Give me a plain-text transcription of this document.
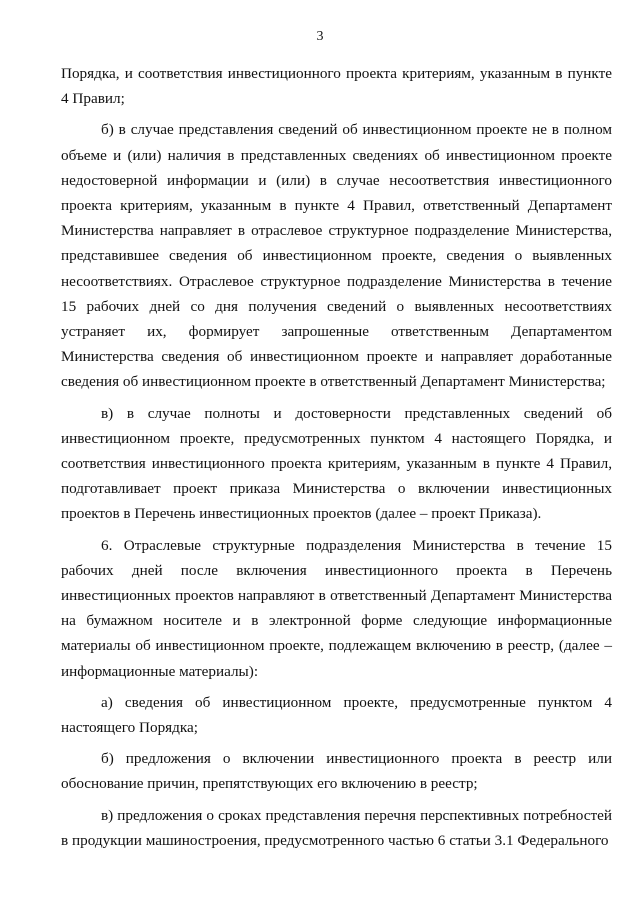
3

Порядка, и соответствия инвестиционного проекта критериям, указанным в пункте 4 Правил;

б) в случае представления сведений об инвестиционном проекте не в полном объеме и (или) наличия в представленных сведениях об инвестиционном проекте недостоверной информации и (или) в случае несоответствия инвестиционного проекта критериям, указанным в пункте 4 Правил, ответственный Департамент Министерства направляет в отраслевое структурное подразделение Министерства, представившее сведения об инвестиционном проекте, сведения о выявленных несоответствиях. Отраслевое структурное подразделение Министерства в течение 15 рабочих дней со дня получения сведений о выявленных несоответствиях устраняет их, формирует запрошенные ответственным Департаментом Министерства сведения об инвестиционном проекте и направляет доработанные сведения об инвестиционном проекте в ответственный Департамент Министерства;

в) в случае полноты и достоверности представленных сведений об инвестиционном проекте, предусмотренных пунктом 4 настоящего Порядка, и соответствия инвестиционного проекта критериям, указанным в пункте 4 Правил, подготавливает проект приказа Министерства о включении инвестиционных проектов в Перечень инвестиционных проектов (далее – проект Приказа).

6. Отраслевые структурные подразделения Министерства в течение 15 рабочих дней после включения инвестиционного проекта в Перечень инвестиционных проектов направляют в ответственный Департамент Министерства на бумажном носителе и в электронной форме следующие информационные материалы об инвестиционном проекте, подлежащем включению в реестр, (далее – информационные материалы):

а) сведения об инвестиционном проекте, предусмотренные пунктом 4 настоящего Порядка;

б) предложения о включении инвестиционного проекта в реестр или обоснование причин, препятствующих его включению в реестр;

в) предложения о сроках представления перечня перспективных потребностей в продукции машиностроения, предусмотренного частью 6 статьи 3.1 Федерального
